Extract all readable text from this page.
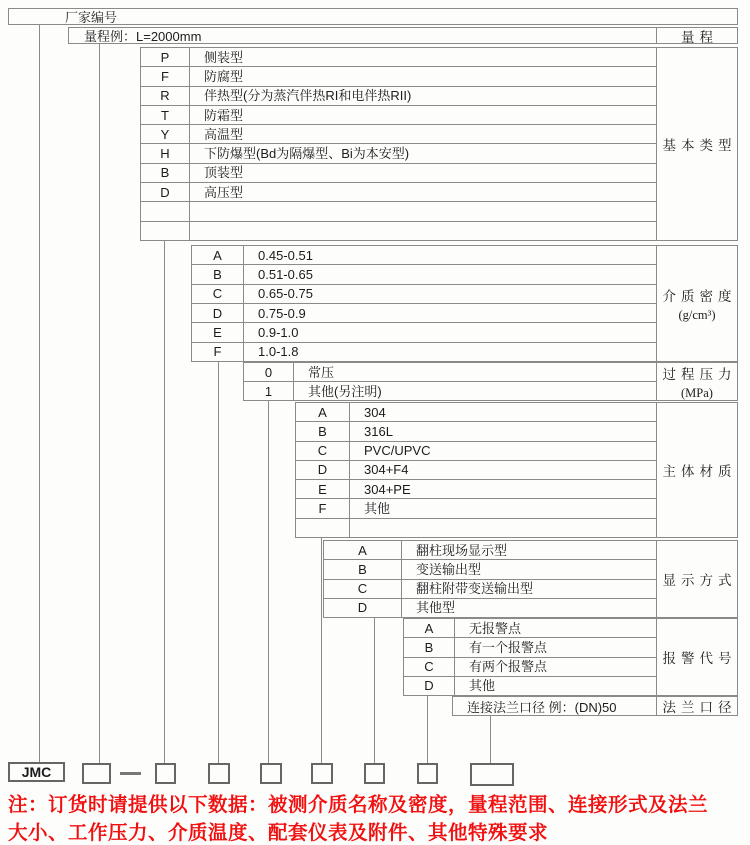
厂家编号
量程例：L=2000mm	量程
P	侧装型
F	防腐型
R	伴热型(分为蒸汽伴热RI和电伴热RII)
T	防霜型
Y	高温型
H	下防爆型(Bd为隔爆型、Bi为本安型)
B	顶装型
D	高压型
A	0.45-0.51
B	0.51-0.65
C	0.65-0.75
D	0.75-0.9
E	0.9-1.0
F	1.0-1.8
0	常压
1	其他(另注明)
A	304
B	316L
C	PVC/UPVC
D	304+F4
E	304+PE
F	其他
A	翻柱现场显示型
B	变送输出型
C	翻柱附带变送输出型
D	其他型
A	无报警点
B	有一个报警点
C	有两个报警点
D	其他
连接法兰口径 例：(DN)50
基本类型
介质密度
(g/cm³)
过程压力
(MPa)
主体材质
显示方式
报警代号
法兰口径
JMC
注：订货时请提供以下数据：被测介质名称及密度，量程范围、连接形式及法兰
大小、工作压力、介质温度、配套仪表及附件、其他特殊要求
